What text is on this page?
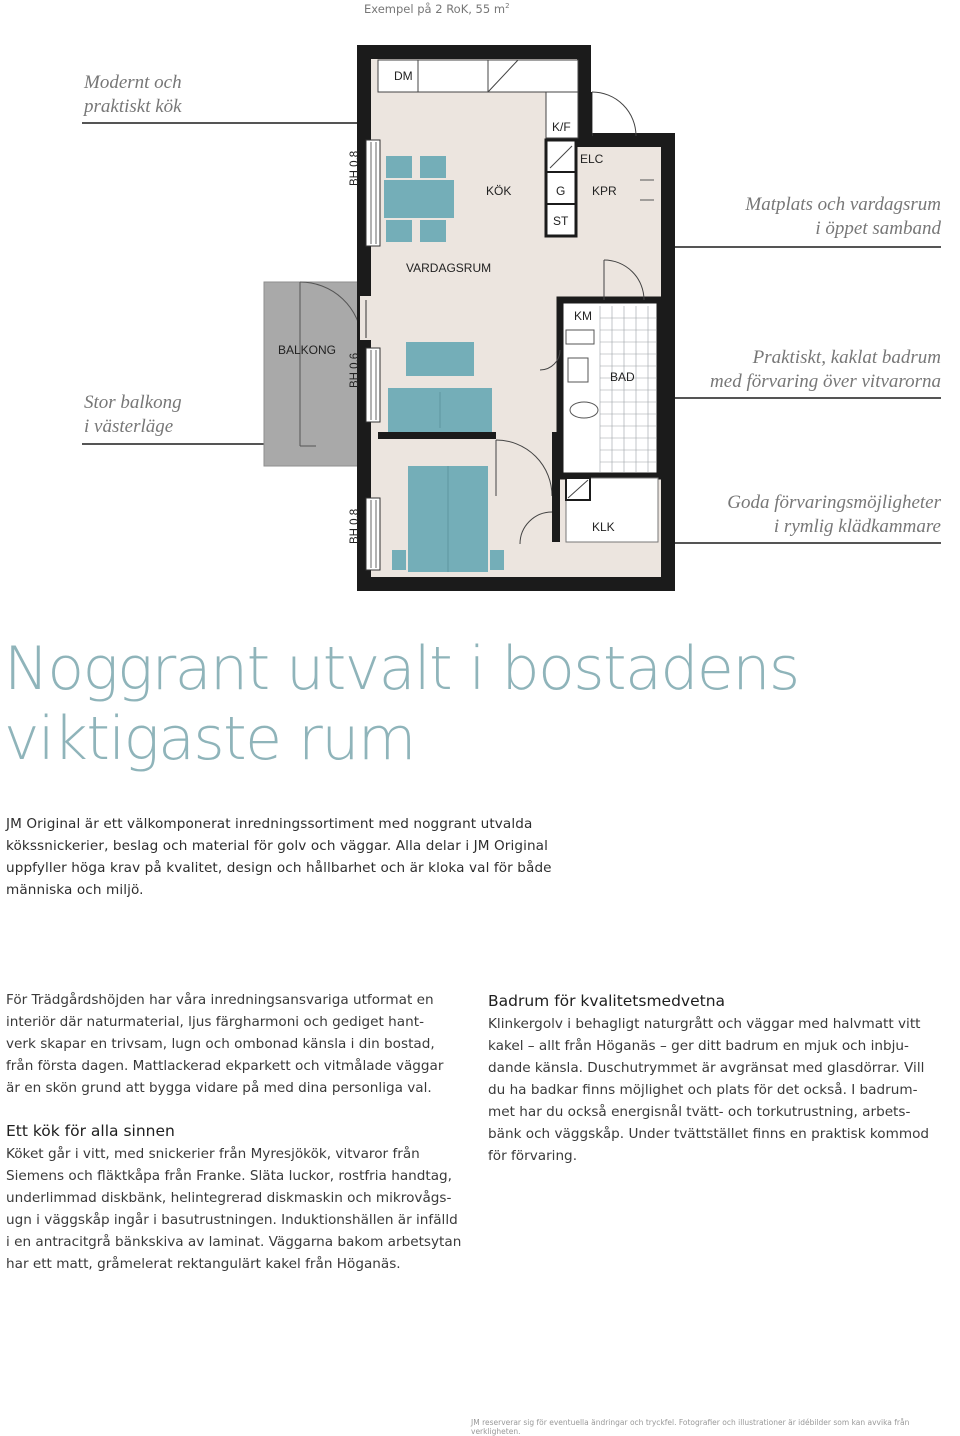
Exempel på 2 RoK, 55 $m^2$
Modernt och
praktiskt kök
Matplats och vardagsrum
i öppet samband
Stor balkong
i västerläge
Praktiskt, kaklat badrum
med förvaring över vitvarorna
Goda förvaringsmöjligheter
i rymlig klädkammare
DM
K/F
ELC
KÖK	G KPR
ST
VARDAGSRUM
KM
BALKONG
BAD
KLK
BH 0,8
BH 0,6
BH 0,8
Noggrant utvalt i bostadens
viktigaste rum
JM Original är ett välkomponerat inredningssortiment med noggrant utvalda
kökssnickerier, beslag och material för golv och väggar. Alla delar i JM Original
uppfyller höga krav på kvalitet, design och hållbarhet och är kloka val för både
människa och miljö.
För Trädgårdshöjden har våra inredningsansvariga utformat en
interiör där naturmaterial, ljus färgharmoni och gediget hant-
verk skapar en trivsam, lugn och ombonad känsla i din bostad,
från första dagen. Mattlackerad ekparkett och vitmålade väggar
är en skön grund att bygga vidare på med dina personliga val.
Ett kök för alla sinnen
Köket går i vitt, med snickerier från Myresjökök, vitvaror från
Siemens och fläktkåpa från Franke. Släta luckor, rostfria handtag,
underlimmad diskbänk, helintegrerad diskmaskin och mikrovågs-
ugn i väggskåp ingår i basutrustningen. Induktionshällen är infälld
i en antracitgrå bänkskiva av laminat. Väggarna bakom arbetsytan
har ett matt, gråmelerat rektangulärt kakel från Höganäs.
Badrum för kvalitetsmedvetna
Klinkergolv i behagligt naturgrått och väggar med halvmatt vitt
kakel – allt från Höganäs – ger ditt badrum en mjuk och inbju-
dande känsla. Duschutrymmet är avgränsat med glasdörrar. Vill
du ha badkar finns möjlighet och plats för det också. I badrum-
met har du också energisnål tvätt- och torkutrustning, arbets-
bänk och väggskåp. Under tvättstället finns en praktisk kommod
för förvaring.
JM reserverar sig för eventuella ändringar och tryckfel. Fotografier och illustrationer är idébilder som kan avvika från verkligheten.
